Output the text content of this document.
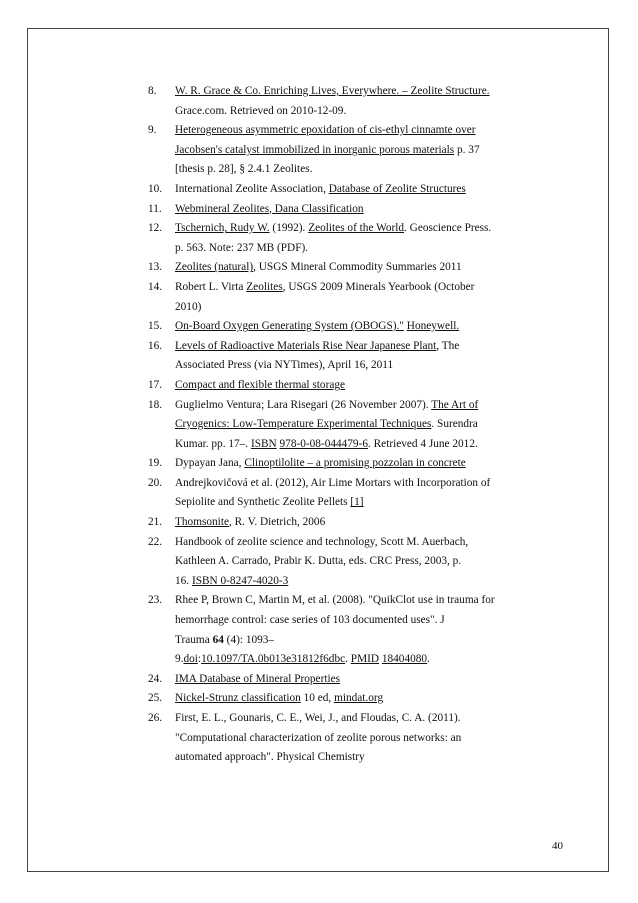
8.	W. R. Grace & Co. Enriching Lives, Everywhere. – Zeolite Structure.
Grace.com. Retrieved on 2010-12-09.
9.	Heterogeneous asymmetric epoxidation of cis-ethyl cinnamte over
Jacobsen's catalyst immobilized in inorganic porous materials p. 37
[thesis p. 28], § 2.4.1 Zeolites.
10.	International Zeolite Association, Database of Zeolite Structures
11.	Webmineral Zeolites, Dana Classification
12.	Tschernich, Rudy W. (1992). Zeolites of the World. Geoscience Press.
p. 563. Note: 237 MB (PDF).
13.	Zeolites (natural), USGS Mineral Commodity Summaries 2011
14.	Robert L. Virta Zeolites, USGS 2009 Minerals Yearbook (October
2010)
15.	On-Board Oxygen Generating System (OBOGS)." Honeywell.
16.	Levels of Radioactive Materials Rise Near Japanese Plant, The
Associated Press (via NYTimes), April 16, 2011
17.	Compact and flexible thermal storage
18.	Guglielmo Ventura; Lara Risegari (26 November 2007). The Art of
Cryogenics: Low-Temperature Experimental Techniques. Surendra
Kumar. pp. 17–. ISBN 978-0-08-044479-6. Retrieved 4 June 2012.
19.	Dypayan Jana, Clinoptilolite – a promising pozzolan in concrete
20.	Andrejkovičová et al. (2012), Air Lime Mortars with Incorporation of
Sepiolite and Synthetic Zeolite Pellets [1]
21.	Thomsonite, R. V. Dietrich, 2006
22.	Handbook of zeolite science and technology, Scott M. Auerbach,
Kathleen A. Carrado, Prabir K. Dutta, eds. CRC Press, 2003, p.
16. ISBN 0-8247-4020-3
23.	Rhee P, Brown C, Martin M, et al. (2008). "QuikClot use in trauma for
hemorrhage control: case series of 103 documented uses". J
Trauma 64 (4): 1093–
9.doi:10.1097/TA.0b013e31812f6dbc. PMID 18404080.
24.	IMA Database of Mineral Properties
25.	Nickel-Strunz classification 10 ed, mindat.org
26.	First, E. L., Gounaris, C. E., Wei, J., and Floudas, C. A. (2011).
"Computational characterization of zeolite porous networks: an
automated approach". Physical Chemistry
40
